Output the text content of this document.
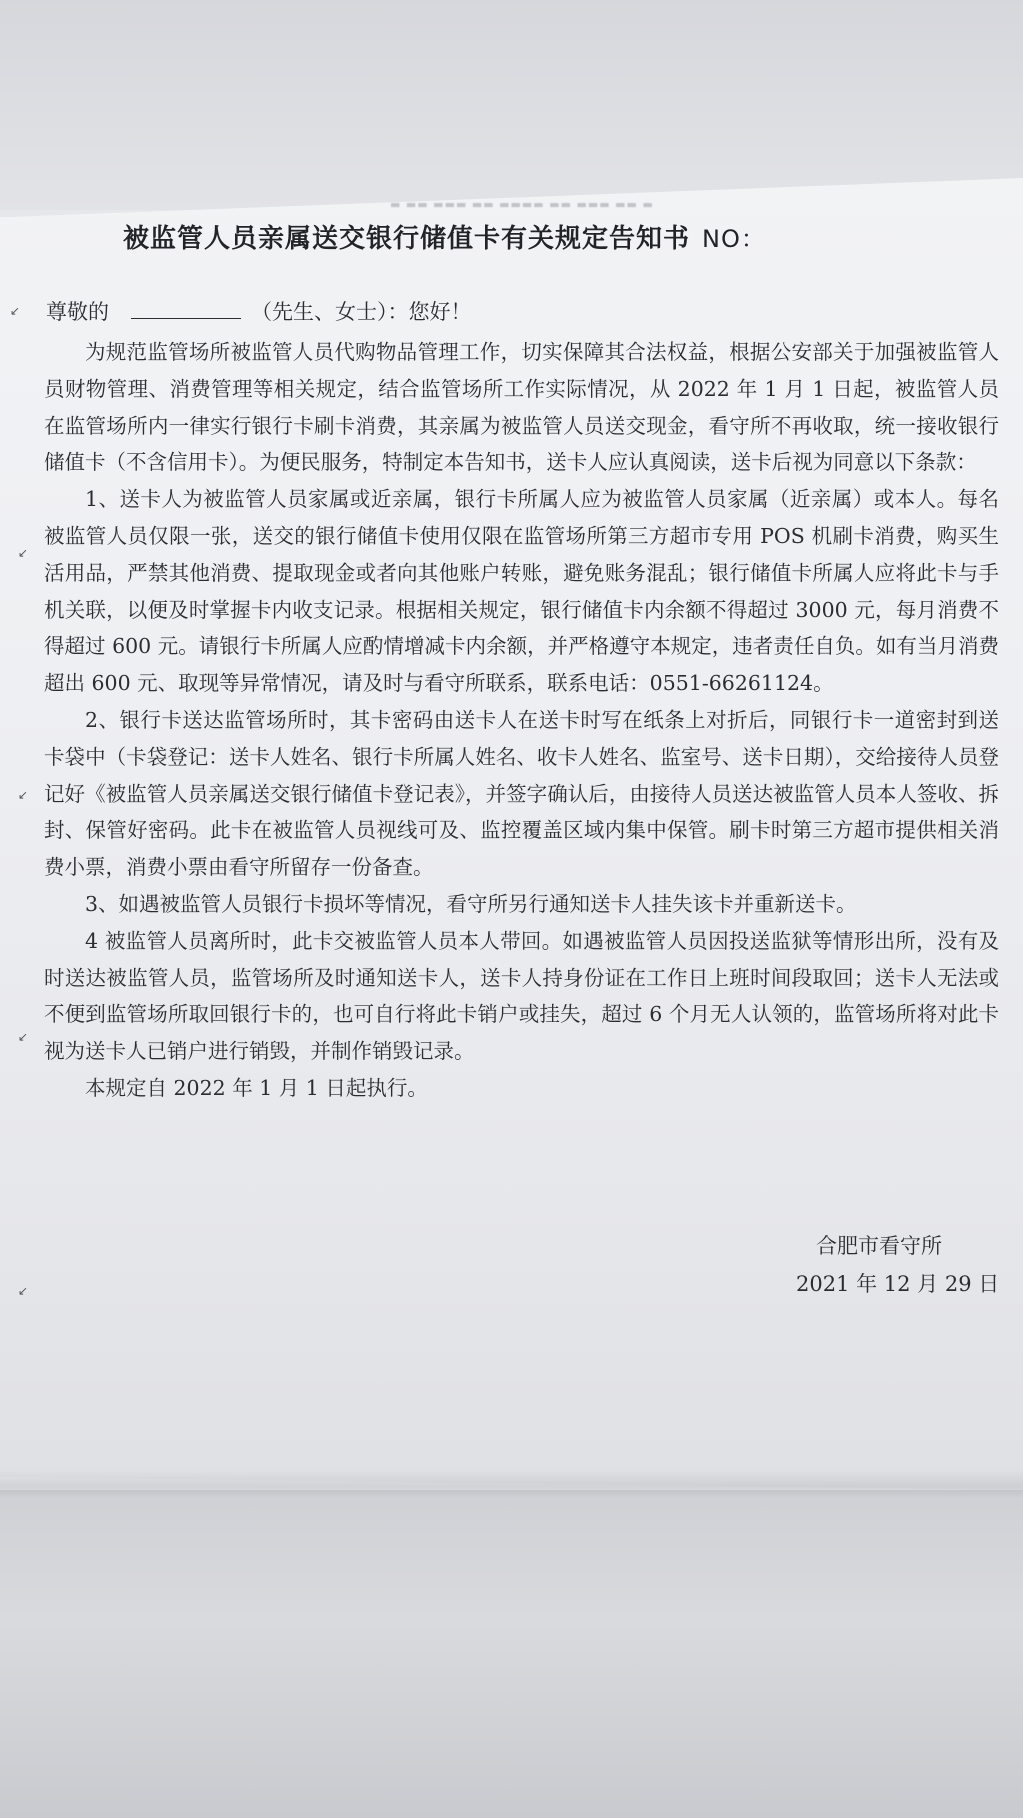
▬ ▬▬ ▬▬▬ ▬▬ ▬▬▬▬ ▬▬ ▬▬▬ ▬▬ ▬
被监管人员亲属送交银行储值卡有关规定告知书 NO：
尊敬的	（先生、女士）：您好！

为规范监管场所被监管人员代购物品管理工作，切实保障其合法权益，根据公安部关于加强被监管人员财物管理、消费管理等相关规定，结合监管场所工作实际情况，从 2022 年 1 月 1 日起，被监管人员在监管场所内一律实行银行卡刷卡消费，其亲属为被监管人员送交现金，看守所不再收取，统一接收银行储值卡（不含信用卡）。为便民服务，特制定本告知书，送卡人应认真阅读，送卡后视为同意以下条款：

1、送卡人为被监管人员家属或近亲属，银行卡所属人应为被监管人员家属（近亲属）或本人。每名被监管人员仅限一张，送交的银行储值卡使用仅限在监管场所第三方超市专用 POS 机刷卡消费，购买生活用品，严禁其他消费、提取现金或者向其他账户转账，避免账务混乱；银行储值卡所属人应将此卡与手机关联，以便及时掌握卡内收支记录。根据相关规定，银行储值卡内余额不得超过 3000 元，每月消费不得超过 600 元。请银行卡所属人应酌情增减卡内余额，并严格遵守本规定，违者责任自负。如有当月消费超出 600 元、取现等异常情况，请及时与看守所联系，联系电话：0551-66261124。

2、银行卡送达监管场所时，其卡密码由送卡人在送卡时写在纸条上对折后，同银行卡一道密封到送卡袋中（卡袋登记：送卡人姓名、银行卡所属人姓名、收卡人姓名、监室号、送卡日期），交给接待人员登记好《被监管人员亲属送交银行储值卡登记表》，并签字确认后，由接待人员送达被监管人员本人签收、拆封、保管好密码。此卡在被监管人员视线可及、监控覆盖区域内集中保管。刷卡时第三方超市提供相关消费小票，消费小票由看守所留存一份备查。

3、如遇被监管人员银行卡损坏等情况，看守所另行通知送卡人挂失该卡并重新送卡。

4 被监管人员离所时，此卡交被监管人员本人带回。如遇被监管人员因投送监狱等情形出所，没有及时送达被监管人员，监管场所及时通知送卡人，送卡人持身份证在工作日上班时间段取回；送卡人无法或不便到监管场所取回银行卡的，也可自行将此卡销户或挂失，超过 6 个月无人认领的，监管场所将对此卡视为送卡人已销户进行销毁，并制作销毁记录。

本规定自 2022 年 1 月 1 日起执行。

↙
↙
↙
↙
↙
合肥市看守所
2021 年 12 月 29 日
